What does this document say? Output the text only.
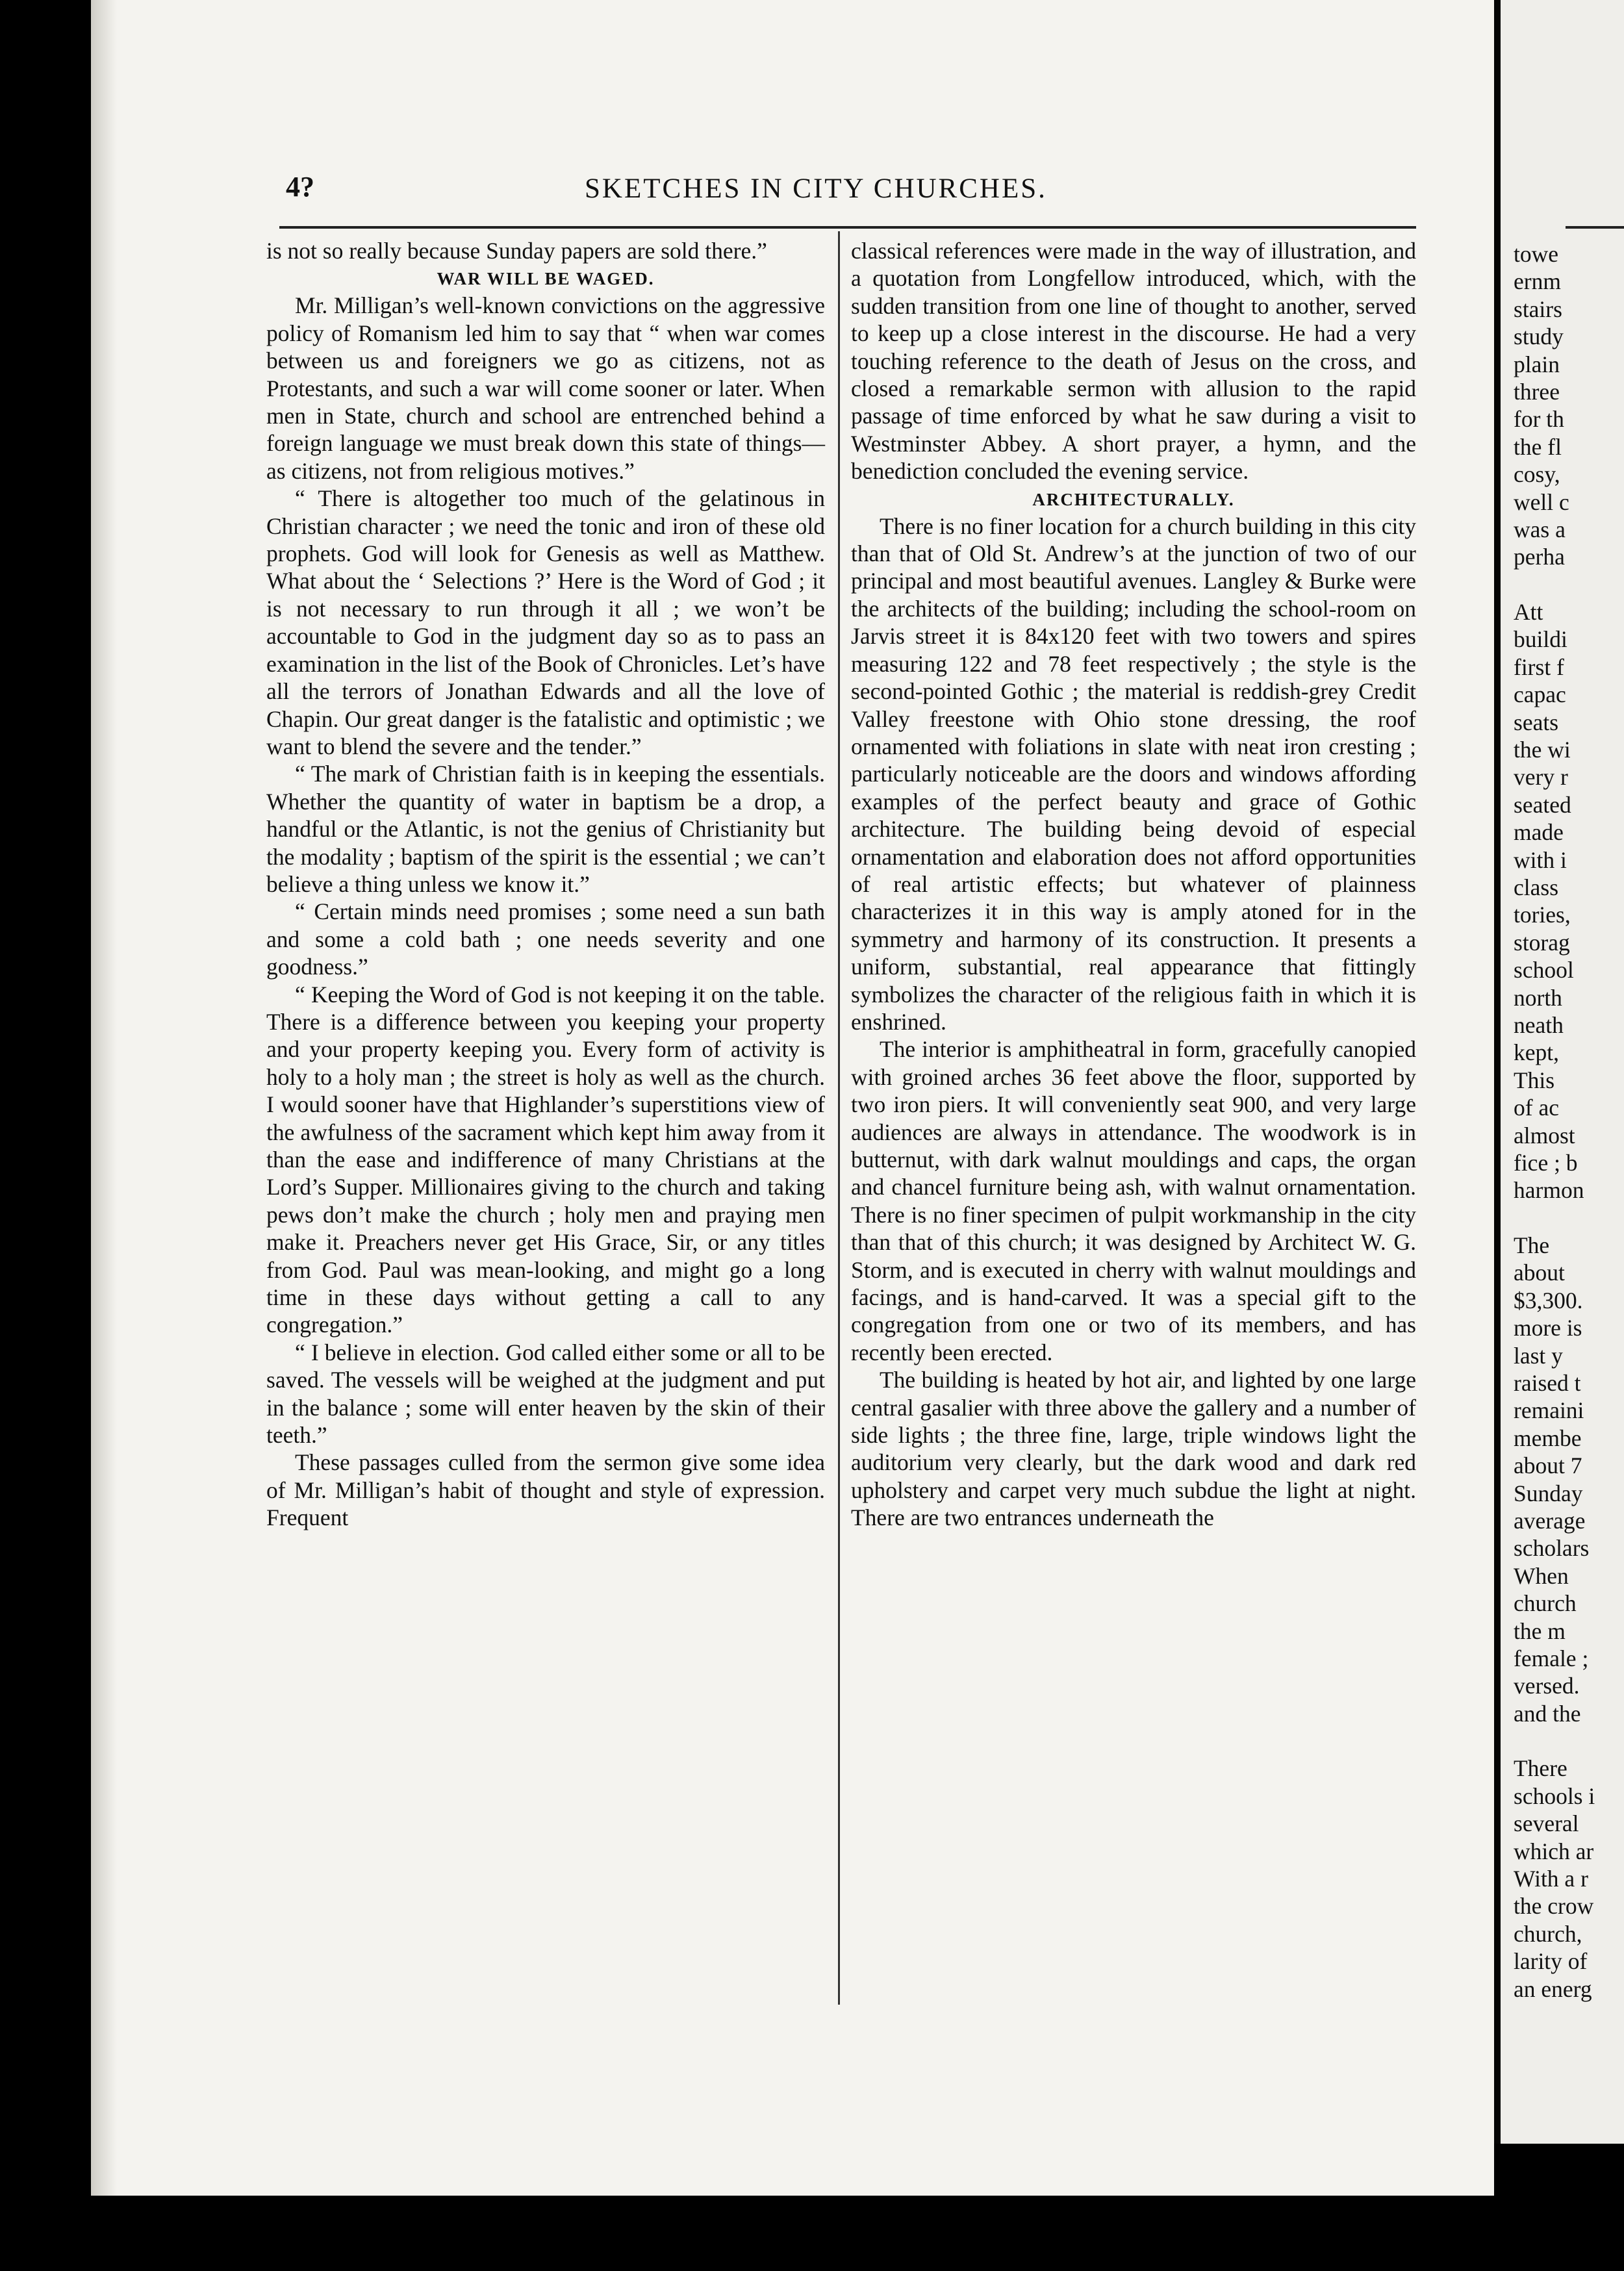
4?	SKETCHES IN CITY CHURCHES.

is not so really because Sunday papers are sold there.”

WAR WILL BE WAGED.

Mr. Milligan’s well-known convictions on the aggressive policy of Romanism led him to say that “ when war comes between us and foreigners we go as citizens, not as Protestants, and such a war will come sooner or later. When men in State, church and school are entrenched behind a foreign language we must break down this state of things—as citizens, not from religious motives.”

“ There is altogether too much of the gelatinous in Christian character ; we need the tonic and iron of these old prophets. God will look for Genesis as well as Matthew. What about the ‘ Selections ?’ Here is the Word of God ; it is not necessary to run through it all ; we won’t be accountable to God in the judgment day so as to pass an examination in the list of the Book of Chronicles. Let’s have all the terrors of Jonathan Edwards and all the love of Chapin. Our great danger is the fatalistic and optimistic ; we want to blend the severe and the tender.”

“ The mark of Christian faith is in keeping the essentials. Whether the quantity of water in baptism be a drop, a handful or the Atlantic, is not the genius of Christianity but the modality ; baptism of the spirit is the essential ; we can’t believe a thing unless we know it.”

“ Certain minds need promises ; some need a sun bath and some a cold bath ; one needs severity and one goodness.”

“ Keeping the Word of God is not keeping it on the table. There is a difference between you keeping your property and your property keeping you. Every form of activity is holy to a holy man ; the street is holy as well as the church. I would sooner have that Highlander’s superstitions view of the awfulness of the sacrament which kept him away from it than the ease and indifference of many Christians at the Lord’s Supper. Millionaires giving to the church and taking pews don’t make the church ; holy men and praying men make it. Preachers never get His Grace, Sir, or any titles from God. Paul was mean-looking, and might go a long time in these days without getting a call to any congregation.”

“ I believe in election. God called either some or all to be saved. The vessels will be weighed at the judgment and put in the balance ; some will enter heaven by the skin of their teeth.”

These passages culled from the sermon give some idea of Mr. Milligan’s habit of thought and style of expression. Frequent

classical references were made in the way of illustration, and a quotation from Longfellow introduced, which, with the sudden transition from one line of thought to another, served to keep up a close interest in the discourse. He had a very touching reference to the death of Jesus on the cross, and closed a remarkable sermon with allusion to the rapid passage of time enforced by what he saw during a visit to Westminster Abbey. A short prayer, a hymn, and the benediction concluded the evening service.

ARCHITECTURALLY.

There is no finer location for a church building in this city than that of Old St. Andrew’s at the junction of two of our principal and most beautiful avenues. Langley & Burke were the architects of the building; including the school-room on Jarvis street it is 84x120 feet with two towers and spires measuring 122 and 78 feet respectively ; the style is the second-pointed Gothic ; the material is reddish-grey Credit Valley freestone with Ohio stone dressing, the roof ornamented with foliations in slate with neat iron cresting ; particularly noticeable are the doors and windows affording examples of the perfect beauty and grace of Gothic architecture. The building being devoid of especial ornamentation and elaboration does not afford opportunities of real artistic effects; but whatever of plainness characterizes it in this way is amply atoned for in the symmetry and harmony of its construction. It presents a uniform, substantial, real appearance that fittingly symbolizes the character of the religious faith in which it is enshrined.

The interior is amphitheatral in form, gracefully canopied with groined arches 36 feet above the floor, supported by two iron piers. It will conveniently seat 900, and very large audiences are always in attendance. The woodwork is in butternut, with dark walnut mouldings and caps, the organ and chancel furniture being ash, with walnut ornamentation. There is no finer specimen of pulpit workmanship in the city than that of this church; it was designed by Architect W. G. Storm, and is executed in cherry with walnut mouldings and facings, and is hand-carved. It was a special gift to the congregation from one or two of its members, and has recently been erected.

The building is heated by hot air, and lighted by one large central gasalier with three above the gallery and a number of side lights ; the three fine, large, triple windows light the auditorium very clearly, but the dark wood and dark red upholstery and carpet very much subdue the light at night. There are two entrances underneath the

towe
ernm
stairs
study
plain
three
for th
the fl
cosy,
well c
was a
perha
Att
buildi
first f
capac
seats
the wi
very r
seated
made
with i
class
tories,
storag
school
north
neath
kept,
This
of ac
almost
fice ; b
harmon
The
about
$3,300.
more is
last y
raised t
remaini
membe
about 7
Sunday
average
scholars
When
church
the m
female ;
versed.
and the
There
schools i
several
which ar
With a r
the crow
church,
larity of
an energ
